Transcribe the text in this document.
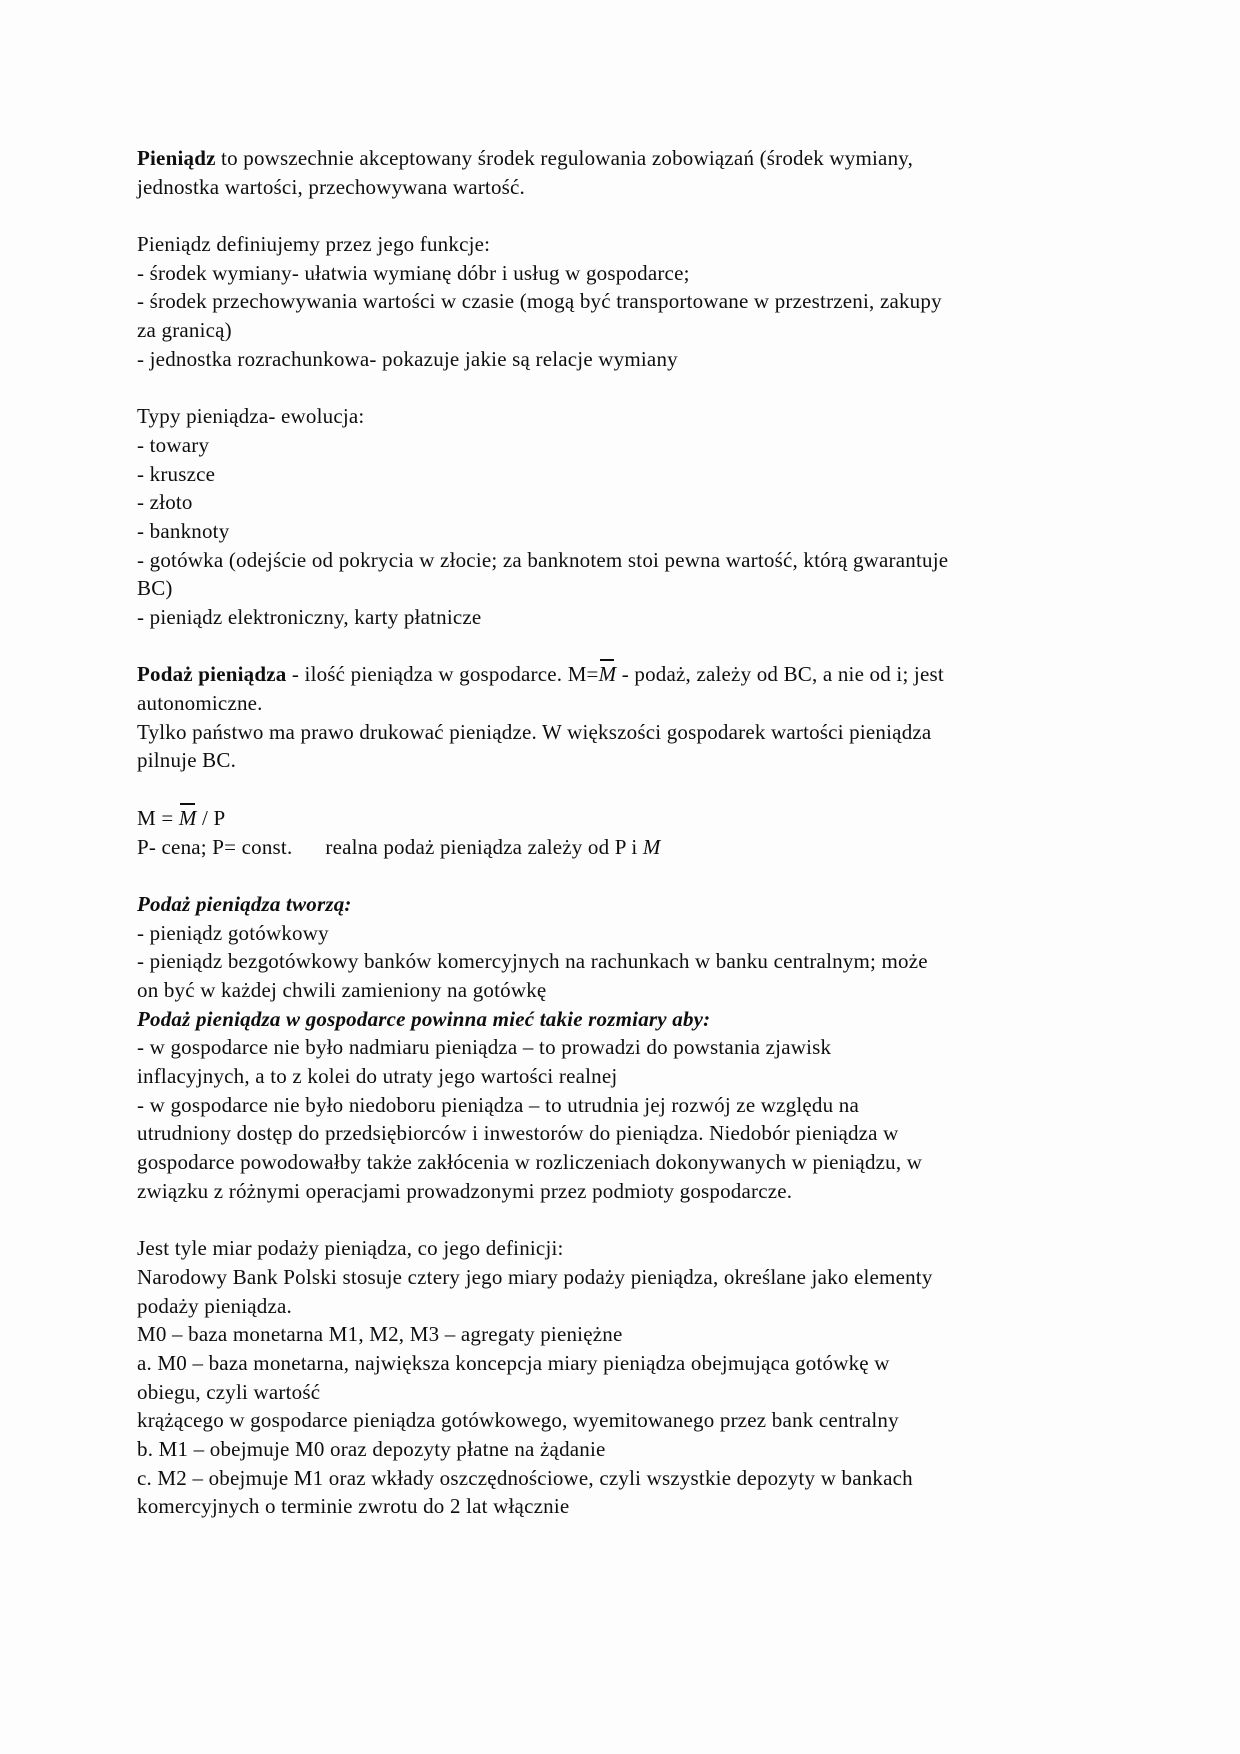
Pieniądz to powszechnie akceptowany środek regulowania zobowiązań (środek wymiany,
jednostka wartości, przechowywana wartość.

Pieniądz definiujemy przez jego funkcje:
- środek wymiany- ułatwia wymianę dóbr i usług w gospodarce;
- środek przechowywania wartości w czasie (mogą być transportowane w przestrzeni, zakupy
za granicą)
- jednostka rozrachunkowa- pokazuje jakie są relacje wymiany

Typy pieniądza- ewolucja:
- towary
- kruszce
- złoto
- banknoty
- gotówka (odejście od pokrycia w złocie; za banknotem stoi pewna wartość, którą gwarantuje
BC)
- pieniądz elektroniczny, karty płatnicze

Podaż pieniądza - ilość pieniądza w gospodarce. M=M - podaż, zależy od BC, a nie od i; jest
autonomiczne.
Tylko państwo ma prawo drukować pieniądze. W większości gospodarek wartości pieniądza
pilnuje BC.

M = M / P
P- cena; P= const. realna podaż pieniądza zależy od P i M

Podaż pieniądza tworzą:
- pieniądz gotówkowy
- pieniądz bezgotówkowy banków komercyjnych na rachunkach w banku centralnym; może
on być w każdej chwili zamieniony na gotówkę
Podaż pieniądza w gospodarce powinna mieć takie rozmiary aby:
- w gospodarce nie było nadmiaru pieniądza – to prowadzi do powstania zjawisk
inflacyjnych, a to z kolei do utraty jego wartości realnej
- w gospodarce nie było niedoboru pieniądza – to utrudnia jej rozwój ze względu na
utrudniony dostęp do przedsiębiorców i inwestorów do pieniądza. Niedobór pieniądza w
gospodarce powodowałby także zakłócenia w rozliczeniach dokonywanych w pieniądzu, w
związku z różnymi operacjami prowadzonymi przez podmioty gospodarcze.

Jest tyle miar podaży pieniądza, co jego definicji:
Narodowy Bank Polski stosuje cztery jego miary podaży pieniądza, określane jako elementy
podaży pieniądza.
M0 – baza monetarna M1, M2, M3 – agregaty pieniężne
a. M0 – baza monetarna, największa koncepcja miary pieniądza obejmująca gotówkę w
obiegu, czyli wartość
krążącego w gospodarce pieniądza gotówkowego, wyemitowanego przez bank centralny
b. M1 – obejmuje M0 oraz depozyty płatne na żądanie
c. M2 – obejmuje M1 oraz wkłady oszczędnościowe, czyli wszystkie depozyty w bankach
komercyjnych o terminie zwrotu do 2 lat włącznie
